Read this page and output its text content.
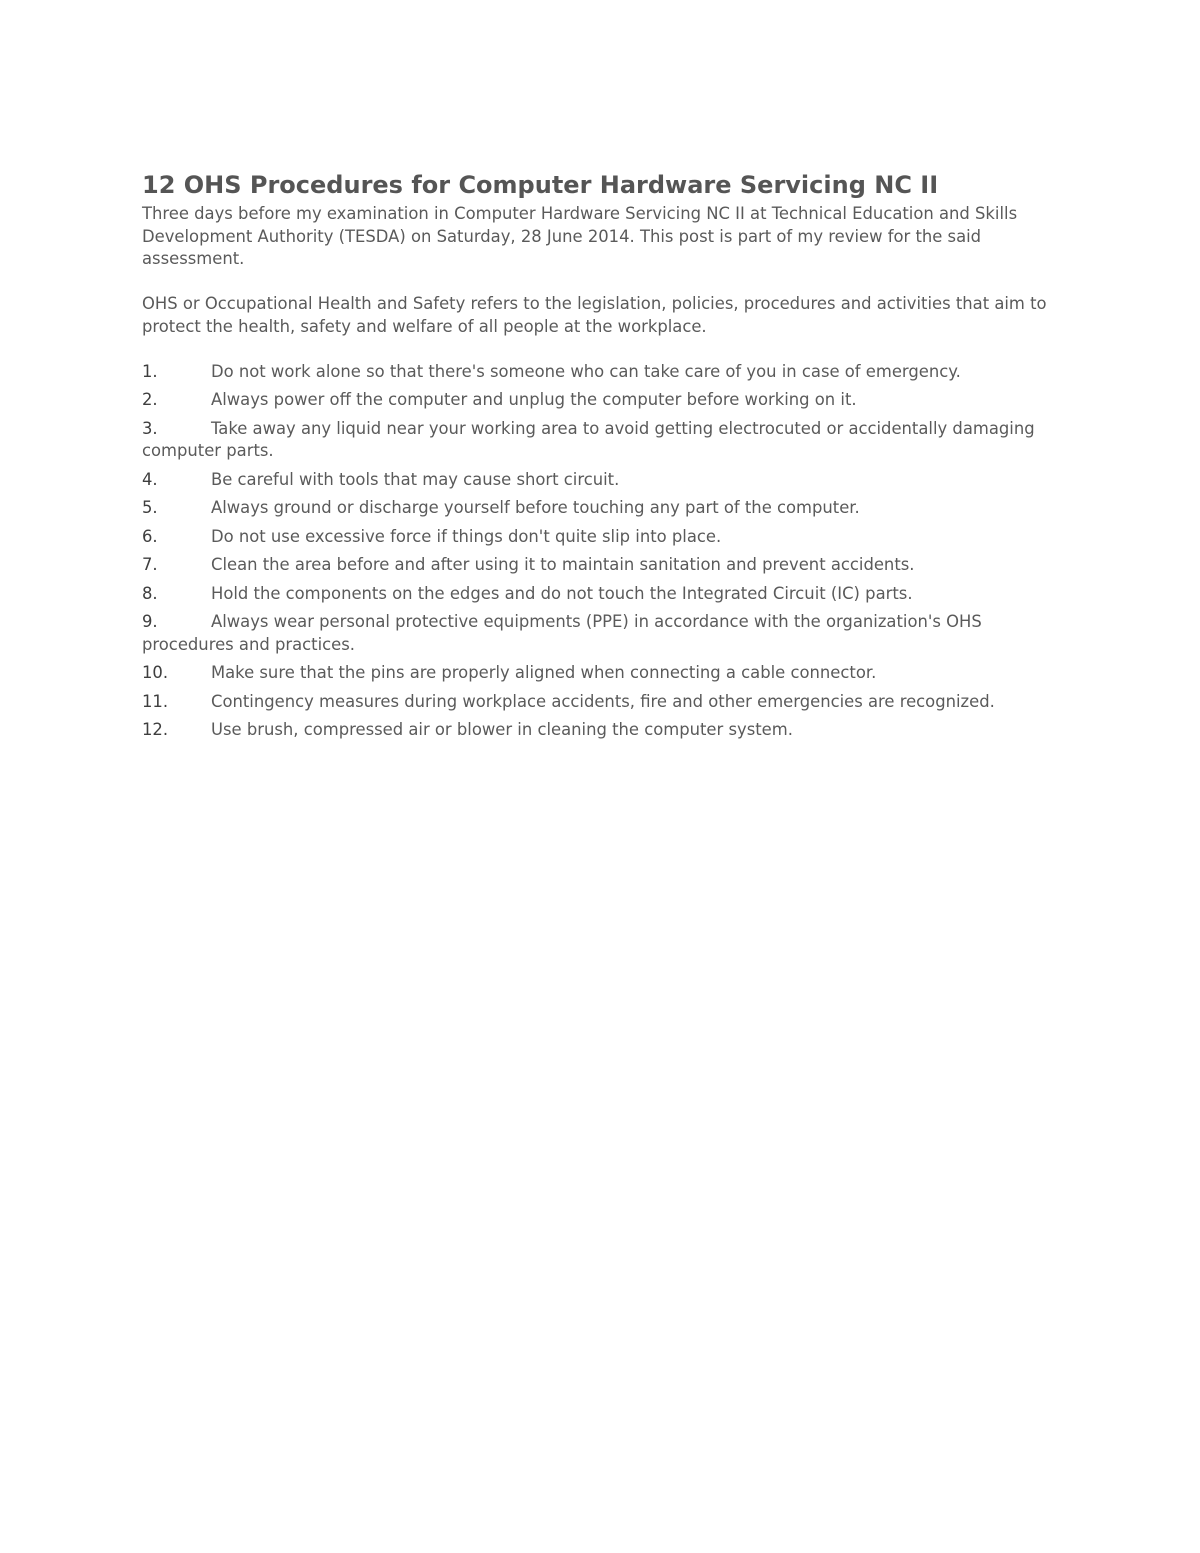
12 OHS Procedures for Computer Hardware Servicing NC II

Three days before my examination in Computer Hardware Servicing NC II at Technical Education and Skills Development Authority (TESDA) on Saturday, 28 June 2014. This post is part of my review for the said assessment.

OHS or Occupational Health and Safety refers to the legislation, policies, procedures and activities that aim to protect the health, safety and welfare of all people at the workplace.

1.	Do not work alone so that there's someone who can take care of you in case of emergency.
2.	Always power off the computer and unplug the computer before working on it.
3.	Take away any liquid near your working area to avoid getting electrocuted or accidentally damaging computer parts.
4.	Be careful with tools that may cause short circuit.
5.	Always ground or discharge yourself before touching any part of the computer.
6.	Do not use excessive force if things don't quite slip into place.
7.	Clean the area before and after using it to maintain sanitation and prevent accidents.
8.	Hold the components on the edges and do not touch the Integrated Circuit (IC) parts.
9.	Always wear personal protective equipments (PPE) in accordance with the organization's OHS procedures and practices.
10.	Make sure that the pins are properly aligned when connecting a cable connector.
11.	Contingency measures during workplace accidents, fire and other emergencies are recognized.
12.	Use brush, compressed air or blower in cleaning the computer system.
